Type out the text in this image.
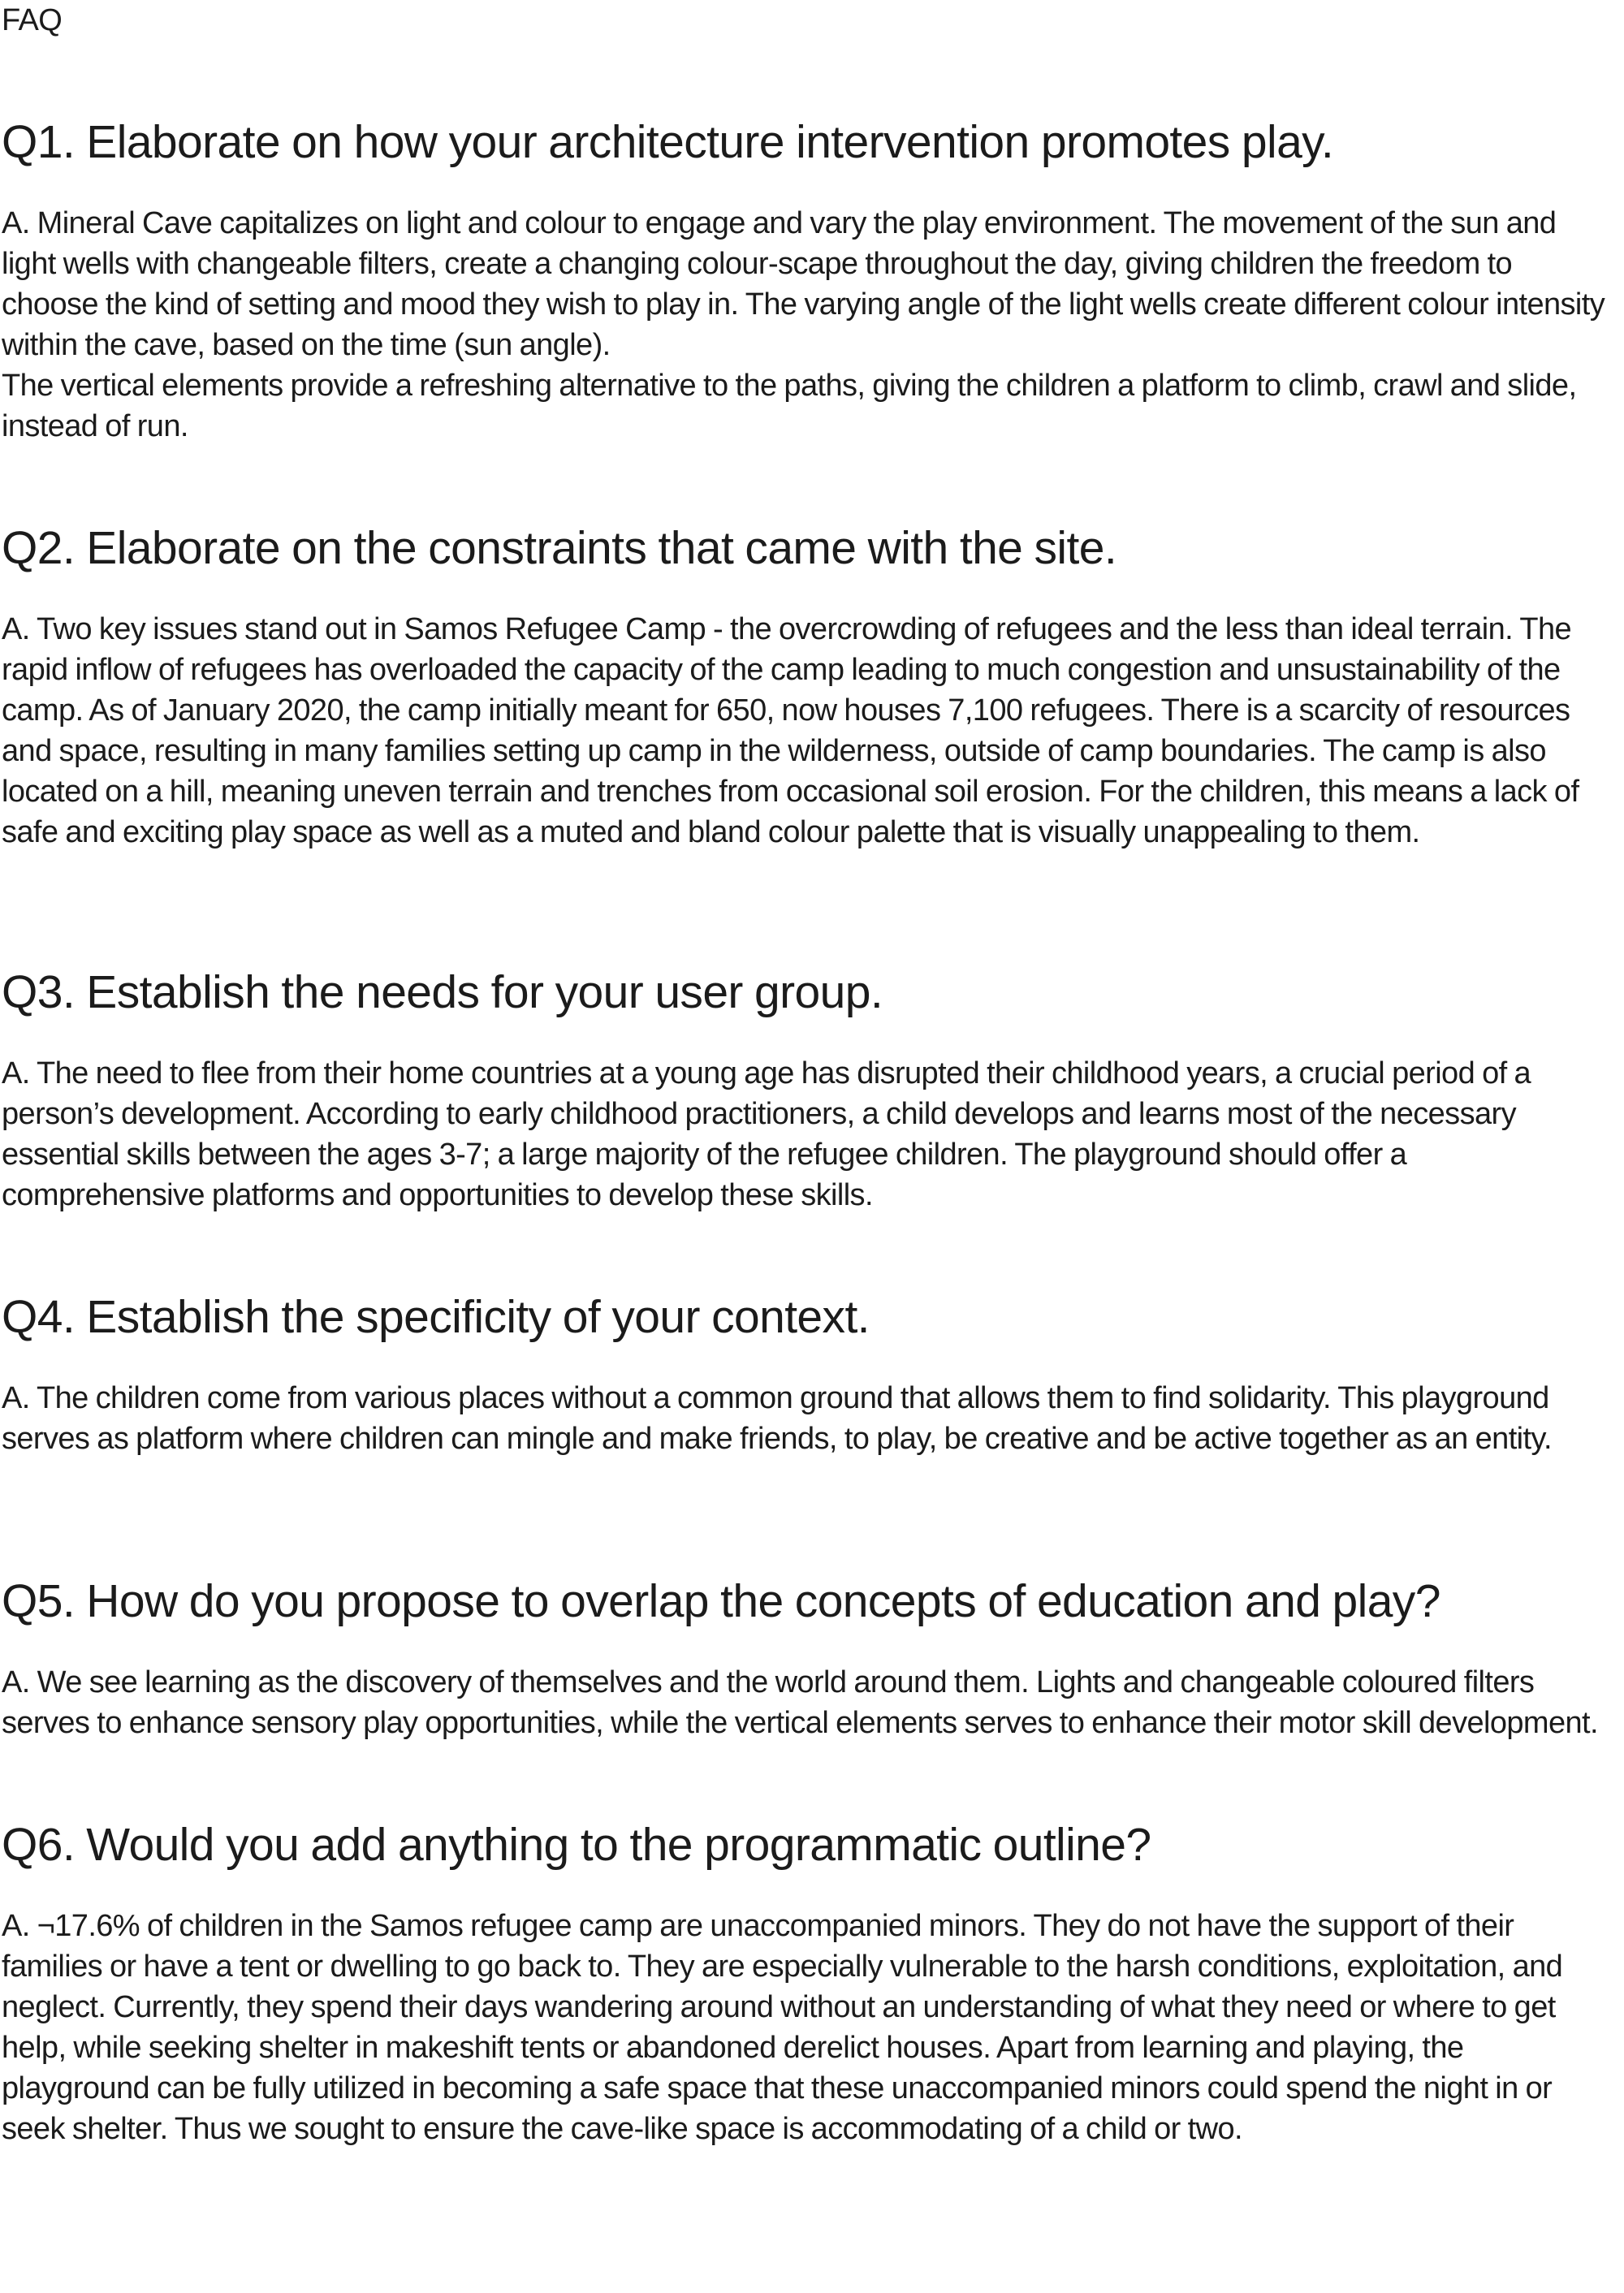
FAQ
Q1. Elaborate on how your architecture intervention promotes play.

A. Mineral Cave capitalizes on light and colour to engage and vary the play environment. The movement of the sun and light wells with changeable filters, create a changing colour-scape throughout the day, giving children the freedom to choose the kind of setting and mood they wish to play in. The varying angle of the light wells create different colour intensity within the cave, based on the time (sun angle).

The vertical elements provide a refreshing alternative to the paths, giving the children a platform to climb, crawl and slide, instead of run.

Q2. Elaborate on the constraints that came with the site.

A. Two key issues stand out in Samos Refugee Camp - the overcrowding of refugees and the less than ideal terrain. The rapid inflow of refugees has overloaded the capacity of the camp leading to much congestion and unsustainability of the camp. As of January 2020, the camp initially meant for 650, now houses 7,100 refugees. There is a scarcity of resources and space, resulting in many families setting up camp in the wilderness, outside of camp boundaries. The camp is also located on a hill, meaning uneven terrain and trenches from occasional soil erosion. For the children, this means a lack of safe and exciting play space as well as a muted and bland colour palette that is visually unappealing to them.

Q3. Establish the needs for your user group.

A. The need to flee from their home countries at a young age has disrupted their childhood years, a crucial period of a person’s development. According to early childhood practitioners, a child develops and learns most of the necessary essential skills between the ages 3-7; a large majority of the refugee children. The playground should offer a comprehensive platforms and opportunities to develop these skills.

Q4. Establish the specificity of your context.

A. The children come from various places without a common ground that allows them to find solidarity. This playground serves as platform where children can mingle and make friends, to play, be creative and be active together as an entity.

Q5. How do you propose to overlap the concepts of education and play?

A. We see learning as the discovery of themselves and the world around them. Lights and changeable coloured filters serves to enhance sensory play opportunities, while the vertical elements serves to enhance their motor skill development.

Q6. Would you add anything to the programmatic outline?

A. ¬17.6% of children in the Samos refugee camp are unaccompanied minors. They do not have the support of their families or have a tent or dwelling to go back to. They are especially vulnerable to the harsh conditions, exploitation, and neglect. Currently, they spend their days wandering around without an understanding of what they need or where to get help, while seeking shelter in makeshift tents or abandoned derelict houses. Apart from learning and playing, the playground can be fully utilized in becoming a safe space that these unaccompanied minors could spend the night in or seek shelter. Thus we sought to ensure the cave-like space is accommodating of a child or two.
